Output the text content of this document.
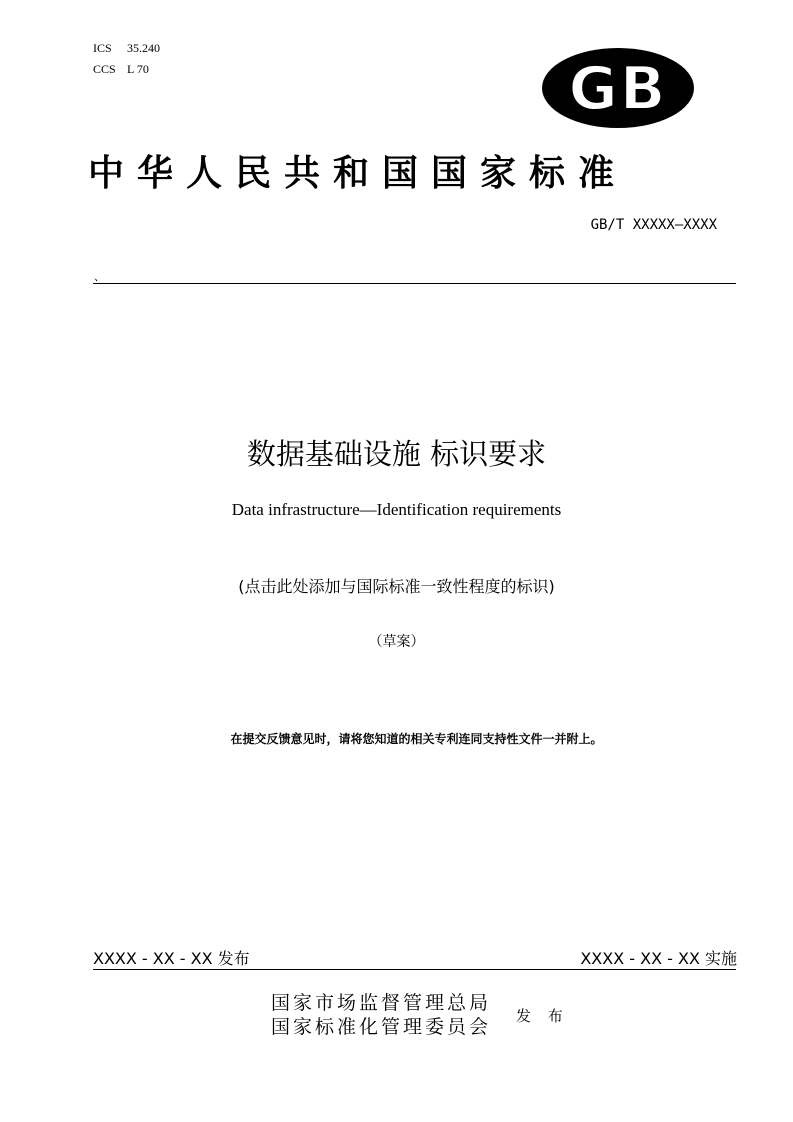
ICS	35.240
CCS L 70	GB
中华人民共和国国家标准
GB/T XXXXX—XXXX
、
数据基础设施 标识要求
Data infrastructure—Identification requirements
(点击此处添加与国际标准一致性程度的标识)
（草案）
在提交反馈意见时，请将您知道的相关专利连同支持性文件一并附上。
XXXX - XX - XX 发布	XXXX - XX - XX 实施
国家市场监督管理总局
国家标准化管理委员会 发 布
